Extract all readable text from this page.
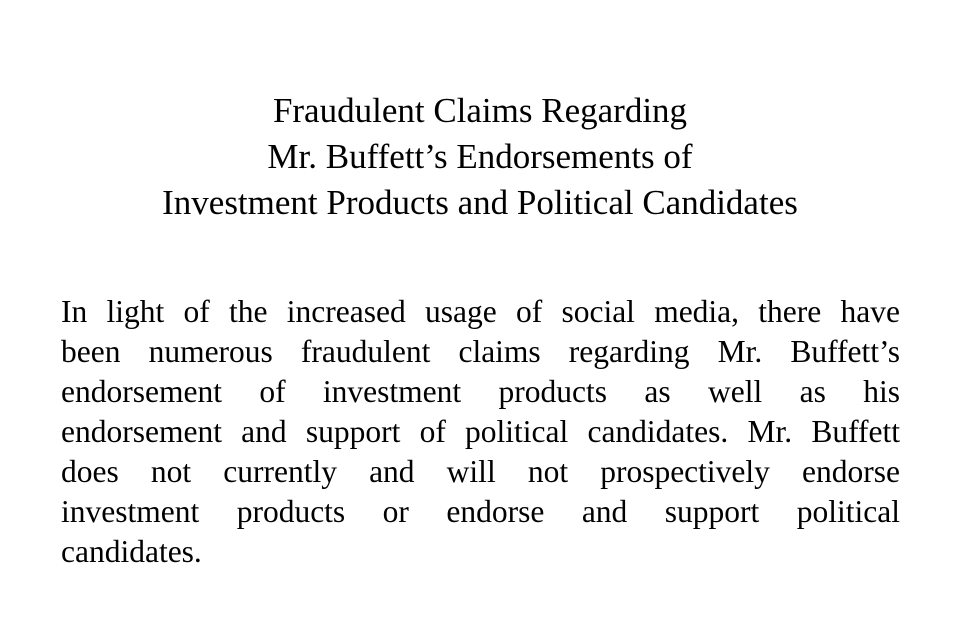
Fraudulent Claims Regarding
Mr. Buffett’s Endorsements of
Investment Products and Political Candidates
In light of the increased usage of social media, there have
been numerous fraudulent claims regarding Mr. Buffett’s
endorsement of investment products as well as his
endorsement and support of political candidates. Mr. Buffett
does not currently and will not prospectively endorse
investment products or endorse and support political
candidates.
